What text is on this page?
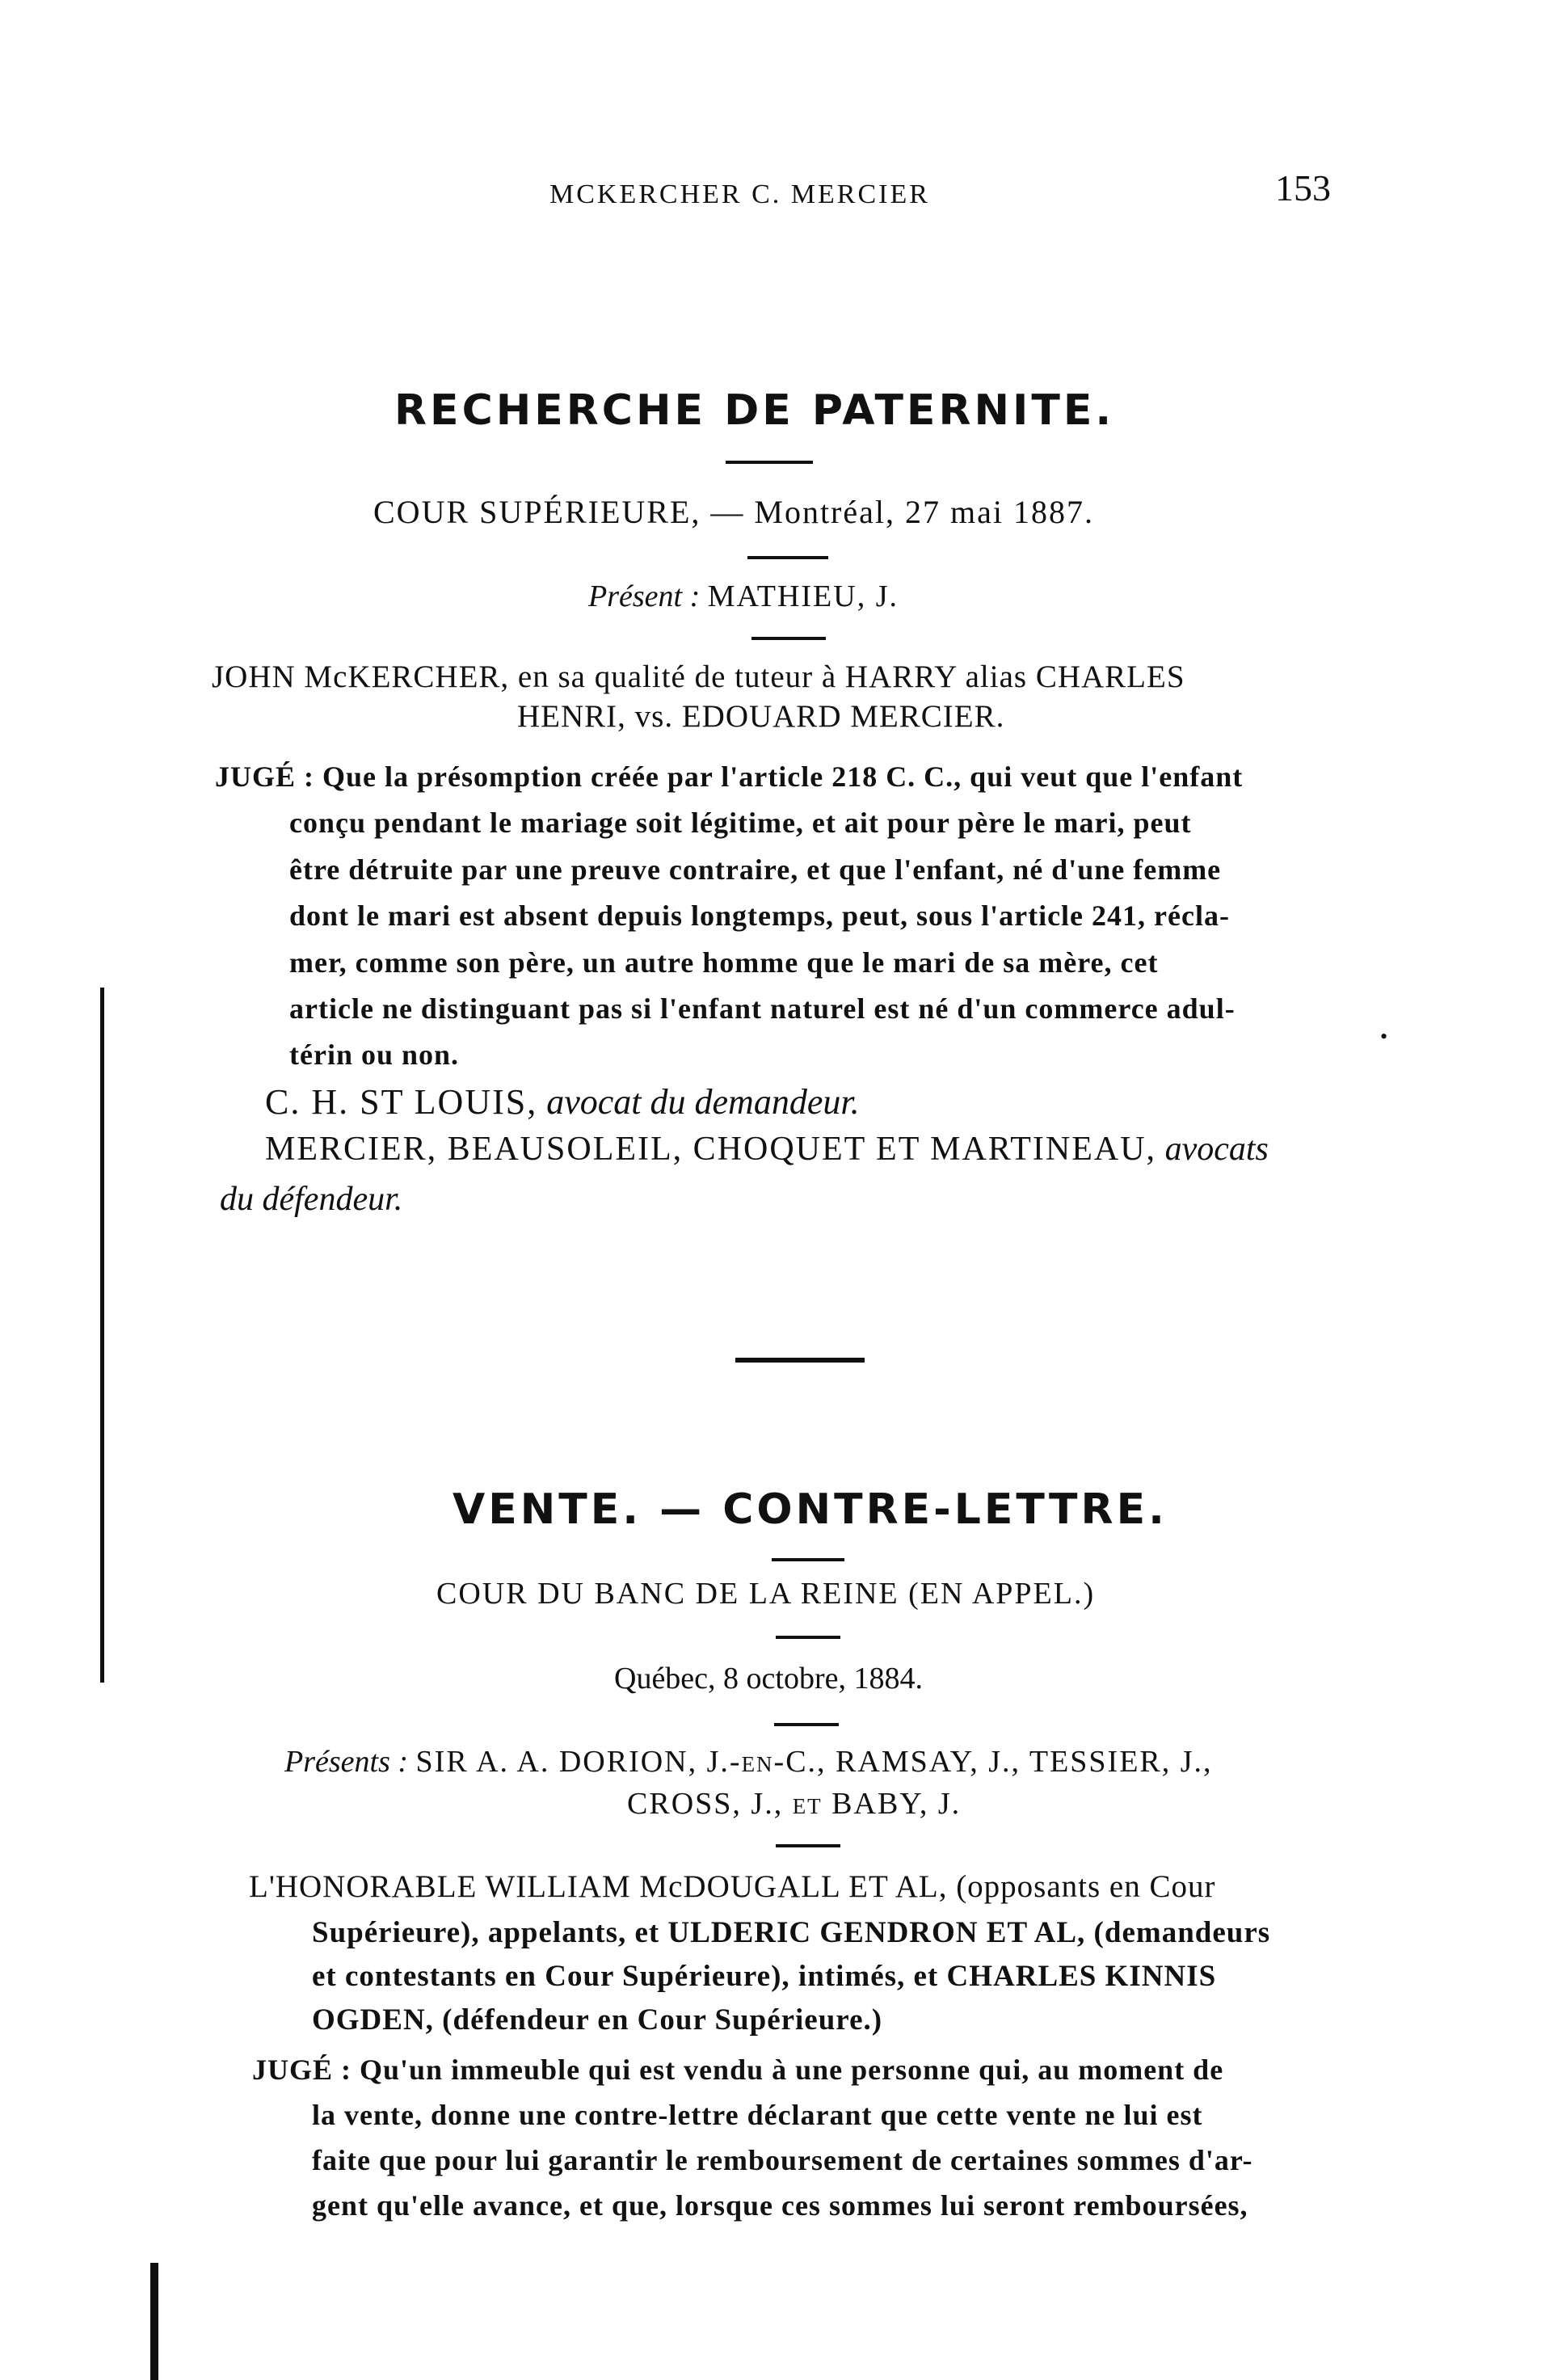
MCKERCHER C. MERCIER	153
RECHERCHE DE PATERNITE.
COUR SUPÉRIEURE, — Montréal, 27 mai 1887.
Présent : MATHIEU, J.
JOHN McKERCHER, en sa qualité de tuteur à HARRY alias CHARLES
HENRI, vs. EDOUARD MERCIER.
JUGÉ : Que la présomption créée par l'article 218 C. C., qui veut que l'enfant
conçu pendant le mariage soit légitime, et ait pour père le mari, peut
être détruite par une preuve contraire, et que l'enfant, né d'une femme
dont le mari est absent depuis longtemps, peut, sous l'article 241, récla-
mer, comme son père, un autre homme que le mari de sa mère, cet
article ne distinguant pas si l'enfant naturel est né d'un commerce adul-
térin ou non.
C. H. ST LOUIS, avocat du demandeur.
MERCIER, BEAUSOLEIL, CHOQUET ET MARTINEAU, avocats
du défendeur.
VENTE. — CONTRE-LETTRE.
COUR DU BANC DE LA REINE (EN APPEL.)
Québec, 8 octobre, 1884.
Présents : SIR A. A. DORION, J.-en-C., RAMSAY, J., TESSIER, J.,
CROSS, J., et BABY, J.
L'HONORABLE WILLIAM McDOUGALL ET AL, (opposants en Cour
Supérieure), appelants, et ULDERIC GENDRON ET AL, (demandeurs
et contestants en Cour Supérieure), intimés, et CHARLES KINNIS
OGDEN, (défendeur en Cour Supérieure.)
JUGÉ : Qu'un immeuble qui est vendu à une personne qui, au moment de
la vente, donne une contre-lettre déclarant que cette vente ne lui est
faite que pour lui garantir le remboursement de certaines sommes d'ar-
gent qu'elle avance, et que, lorsque ces sommes lui seront remboursées,
•
